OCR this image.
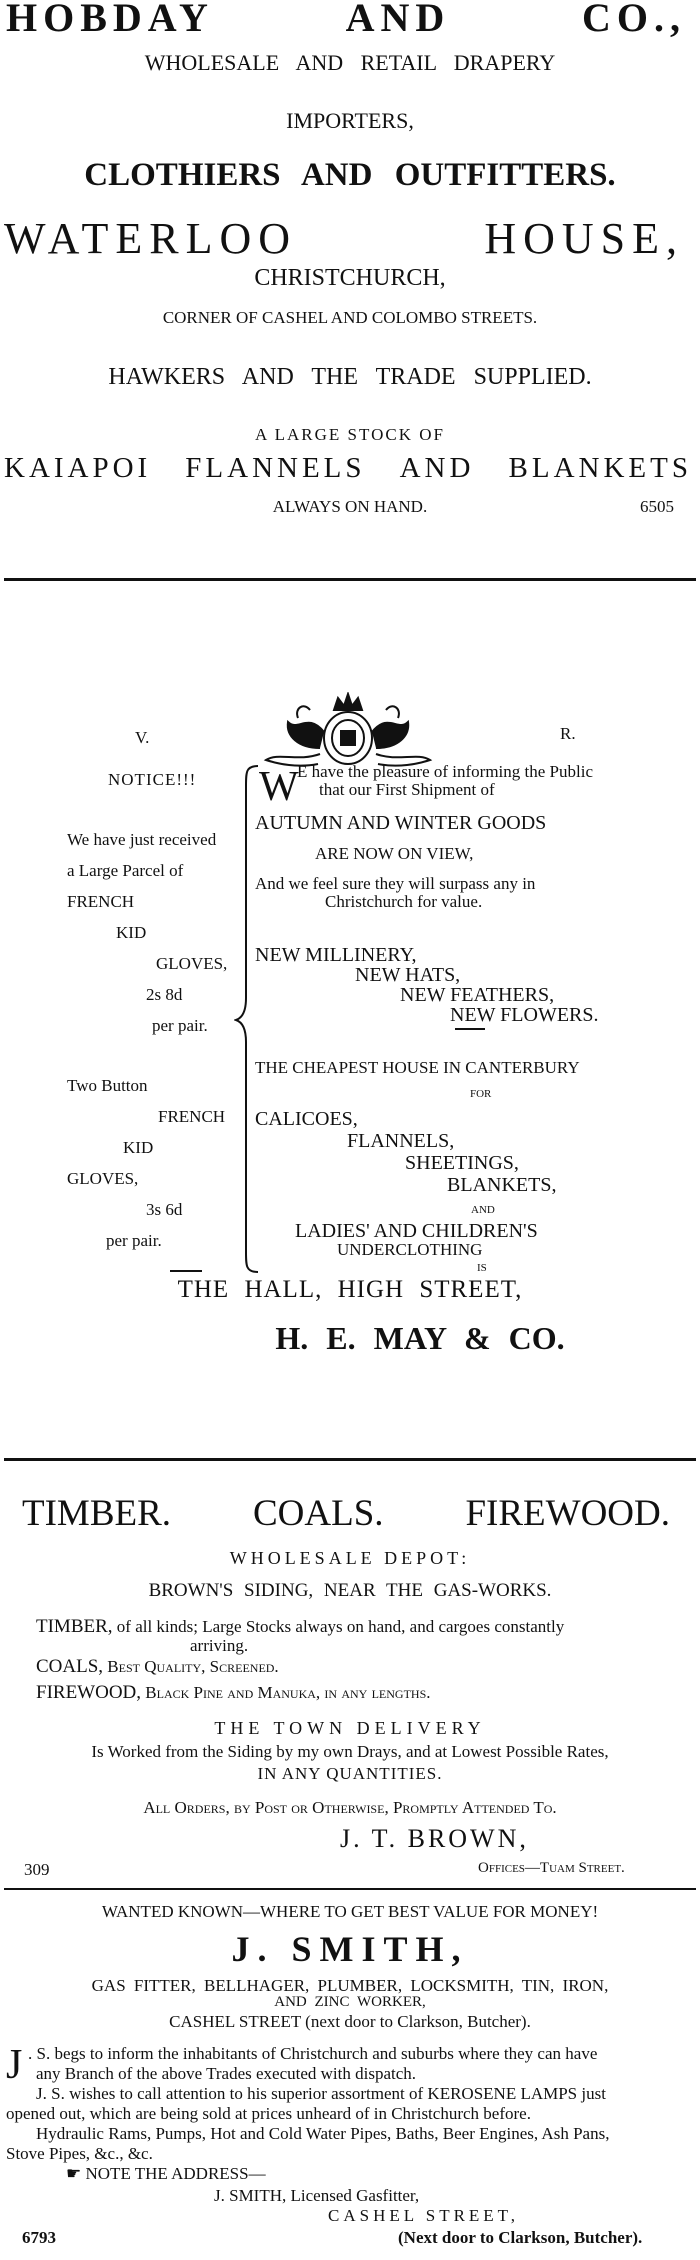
HOBDAY	AND	CO.,
WHOLESALE AND RETAIL DRAPERY
IMPORTERS,
CLOTHIERS AND OUTFITTERS.
WATERLOO	HOUSE,
CHRISTCHURCH,
CORNER OF CASHEL AND COLOMBO STREETS.
HAWKERS AND THE TRADE SUPPLIED.
A LARGE STOCK OF
KAIAPOI FLANNELS AND BLANKETS
ALWAYS ON HAND.	6505
V.	R.
NOTICE!!!
We have just received
a Large Parcel of
FRENCH
KID
GLOVES,
2s 8d
per pair.
Two Button
FRENCH
KID
GLOVES,
3s 6d
per pair.
W
E have the pleasure of informing the Public
that our First Shipment of
AUTUMN AND WINTER GOODS
ARE NOW ON VIEW,
And we feel sure they will surpass any in
Christchurch for value.
NEW MILLINERY,
NEW HATS,
NEW FEATHERS,
NEW FLOWERS.
THE CHEAPEST HOUSE IN CANTERBURY
FOR
CALICOES,
FLANNELS,
SHEETINGS,
BLANKETS,
AND
LADIES' AND CHILDREN'S
UNDERCLOTHING
IS
THE HALL, HIGH STREET,
H. E. MAY & CO.
TIMBER. COALS. FIREWOOD.
WHOLESALE DEPOT:
BROWN'S SIDING, NEAR THE GAS-WORKS.
TIMBER, of all kinds; Large Stocks always on hand, and cargoes constantly
arriving.
COALS, Best Quality, Screened.
FIREWOOD, Black Pine and Manuka, in any lengths.
THE TOWN DELIVERY
Is Worked from the Siding by my own Drays, and at Lowest Possible Rates,
IN ANY QUANTITIES.
All Orders, by Post or Otherwise, Promptly Attended To.
J. T. BROWN,
309	Offices—Tuam Street.
WANTED KNOWN—WHERE TO GET BEST VALUE FOR MONEY!
J. SMITH,
GAS FITTER, BELLHAGER, PLUMBER, LOCKSMITH, TIN, IRON,
AND ZINC WORKER,
CASHEL STREET (next door to Clarkson, Butcher).
J . S. begs to inform the inhabitants of Christchurch and suburbs where they can have
any Branch of the above Trades executed with dispatch.
J. S. wishes to call attention to his superior assortment of KEROSENE LAMPS just
opened out, which are being sold at prices unheard of in Christchurch before.
Hydraulic Rams, Pumps, Hot and Cold Water Pipes, Baths, Beer Engines, Ash Pans,
Stove Pipes, &c., &c.
☛ NOTE THE ADDRESS—
J. SMITH, Licensed Gasfitter,
CASHEL STREET,
6793	(Next door to Clarkson, Butcher).
